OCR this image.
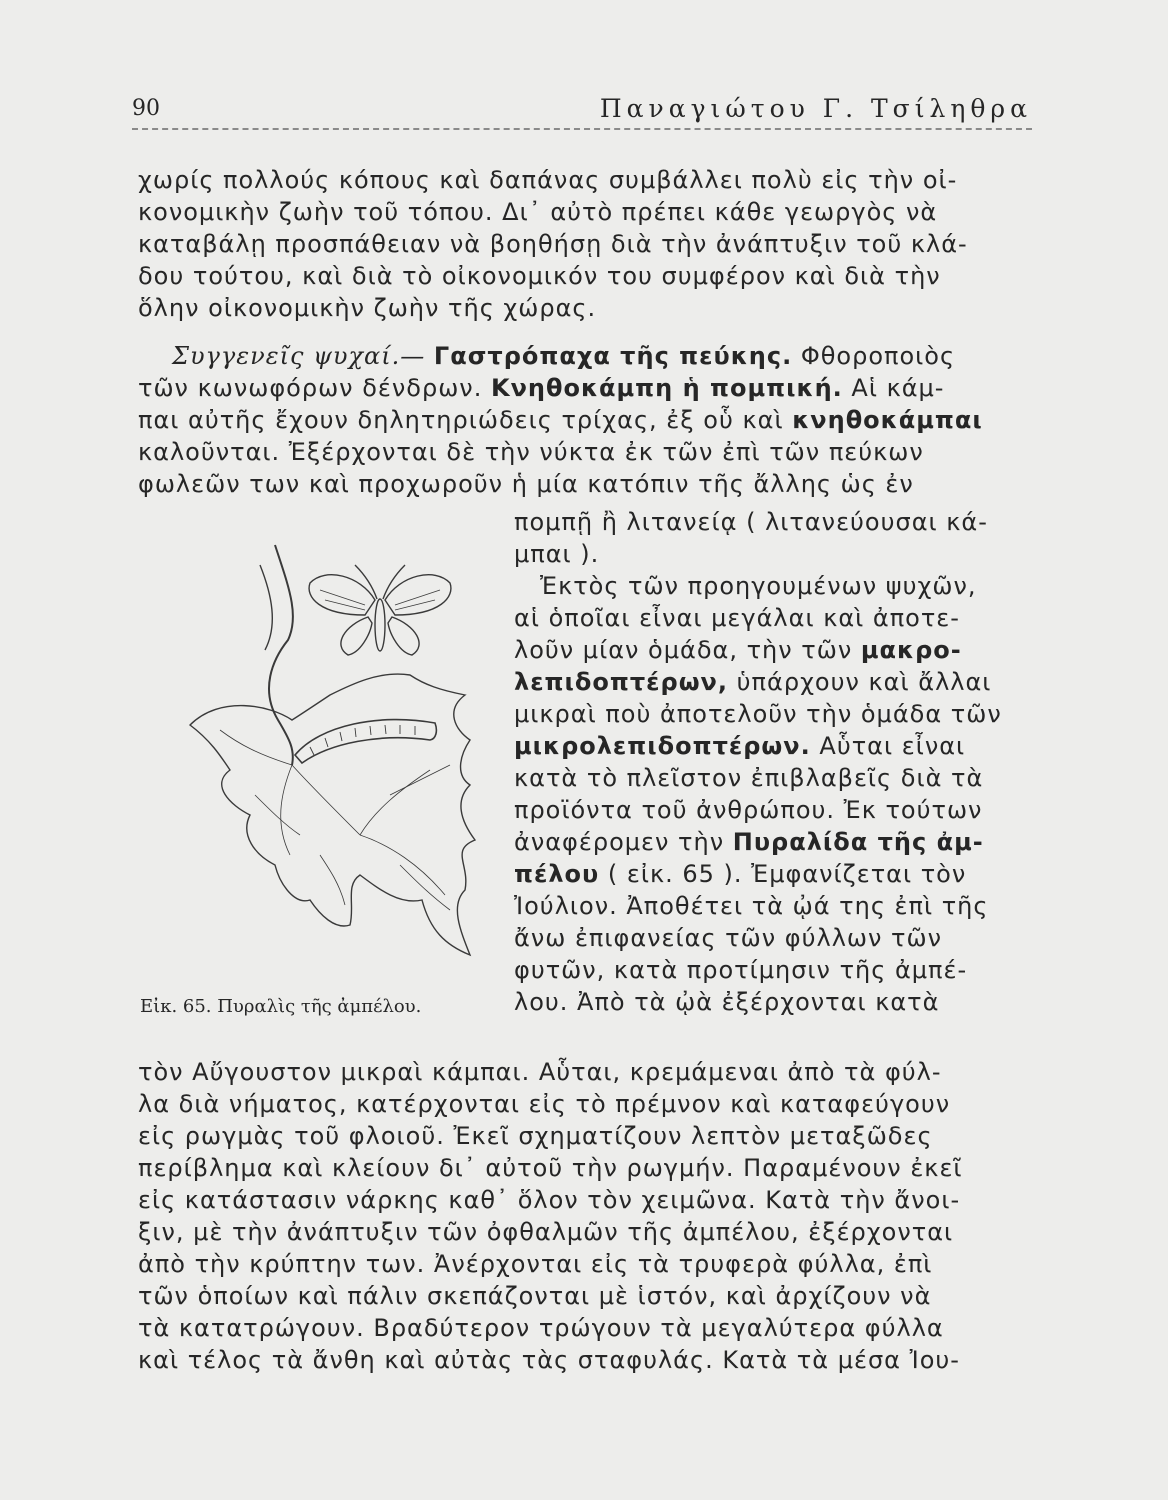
90	Παναγιώτου Γ. Τσίληθρα
χωρίς πολλούς κόπους καὶ δαπάνας συμβάλλει πολὺ εἰς τὴν οἰ-
κονομικὴν ζωὴν τοῦ τόπου. Δι᾽ αὐτὸ πρέπει κάθε γεωργὸς νὰ
καταβάλῃ προσπάθειαν νὰ βοηθήσῃ διὰ τὴν ἀνάπτυξιν τοῦ κλά-
δου τούτου, καὶ διὰ τὸ οἰκονομικόν του συμφέρον καὶ διὰ τὴν
ὅλην οἰκονομικὴν ζωὴν τῆς χώρας.
Συγγενεῖς ψυχαί.— Γαστρόπαχα τῆς πεύκης. Φθοροποιὸς
τῶν κωνωφόρων δένδρων. Κνηθοκάμπη ἡ πομπική. Αἱ κάμ-
παι αὐτῆς ἔχουν δηλητηριώδεις τρίχας, ἐξ οὗ καὶ κνηθοκάμπαι
καλοῦνται. Ἐξέρχονται δὲ τὴν νύκτα ἐκ τῶν ἐπὶ τῶν πεύκων
φωλεῶν των καὶ προχωροῦν ἡ μία κατόπιν τῆς ἄλλης ὡς ἐν
πομπῇ ἢ λιτανείᾳ ( λιτανεύουσαι κά-
μπαι ).
Ἐκτὸς τῶν προηγουμένων ψυχῶν,
αἱ ὁποῖαι εἶναι μεγάλαι καὶ ἀποτε-
λοῦν μίαν ὁμάδα, τὴν τῶν μακρο-
λεπιδοπτέρων, ὑπάρχουν καὶ ἄλλαι
μικραὶ ποὺ ἀποτελοῦν τὴν ὁμάδα τῶν
μικρολεπιδοπτέρων. Αὗται εἶναι
κατὰ τὸ πλεῖστον ἐπιβλαβεῖς διὰ τὰ
προϊόντα τοῦ ἀνθρώπου. Ἐκ τούτων
ἀναφέρομεν τὴν Πυραλίδα τῆς ἀμ-
πέλου ( εἰκ. 65 ). Ἐμφανίζεται τὸν
Ἰούλιον. Ἀποθέτει τὰ ᾠά της ἐπὶ τῆς
ἄνω ἐπιφανείας τῶν φύλλων τῶν
φυτῶν, κατὰ προτίμησιν τῆς ἀμπέ-
λου. Ἀπὸ τὰ ᾠὰ ἐξέρχονται κατὰ
Εἰκ. 65. Πυραλὶς τῆς ἀμπέλου.
τὸν Αὔγουστον μικραὶ κάμπαι. Αὗται, κρεμάμεναι ἀπὸ τὰ φύλ-
λα διὰ νήματος, κατέρχονται εἰς τὸ πρέμνον καὶ καταφεύγουν
εἰς ρωγμὰς τοῦ φλοιοῦ. Ἐκεῖ σχηματίζουν λεπτὸν μεταξῶδες
περίβλημα καὶ κλείουν δι᾽ αὐτοῦ τὴν ρωγμήν. Παραμένουν ἐκεῖ
εἰς κατάστασιν νάρκης καθ᾽ ὅλον τὸν χειμῶνα. Κατὰ τὴν ἄνοι-
ξιν, μὲ τὴν ἀνάπτυξιν τῶν ὀφθαλμῶν τῆς ἀμπέλου, ἐξέρχονται
ἀπὸ τὴν κρύπτην των. Ἀνέρχονται εἰς τὰ τρυφερὰ φύλλα, ἐπὶ
τῶν ὁποίων καὶ πάλιν σκεπάζονται μὲ ἱστόν, καὶ ἀρχίζουν νὰ
τὰ κατατρώγουν. Βραδύτερον τρώγουν τὰ μεγαλύτερα φύλλα
καὶ τέλος τὰ ἄνθη καὶ αὐτὰς τὰς σταφυλάς. Κατὰ τὰ μέσα Ἰου-
